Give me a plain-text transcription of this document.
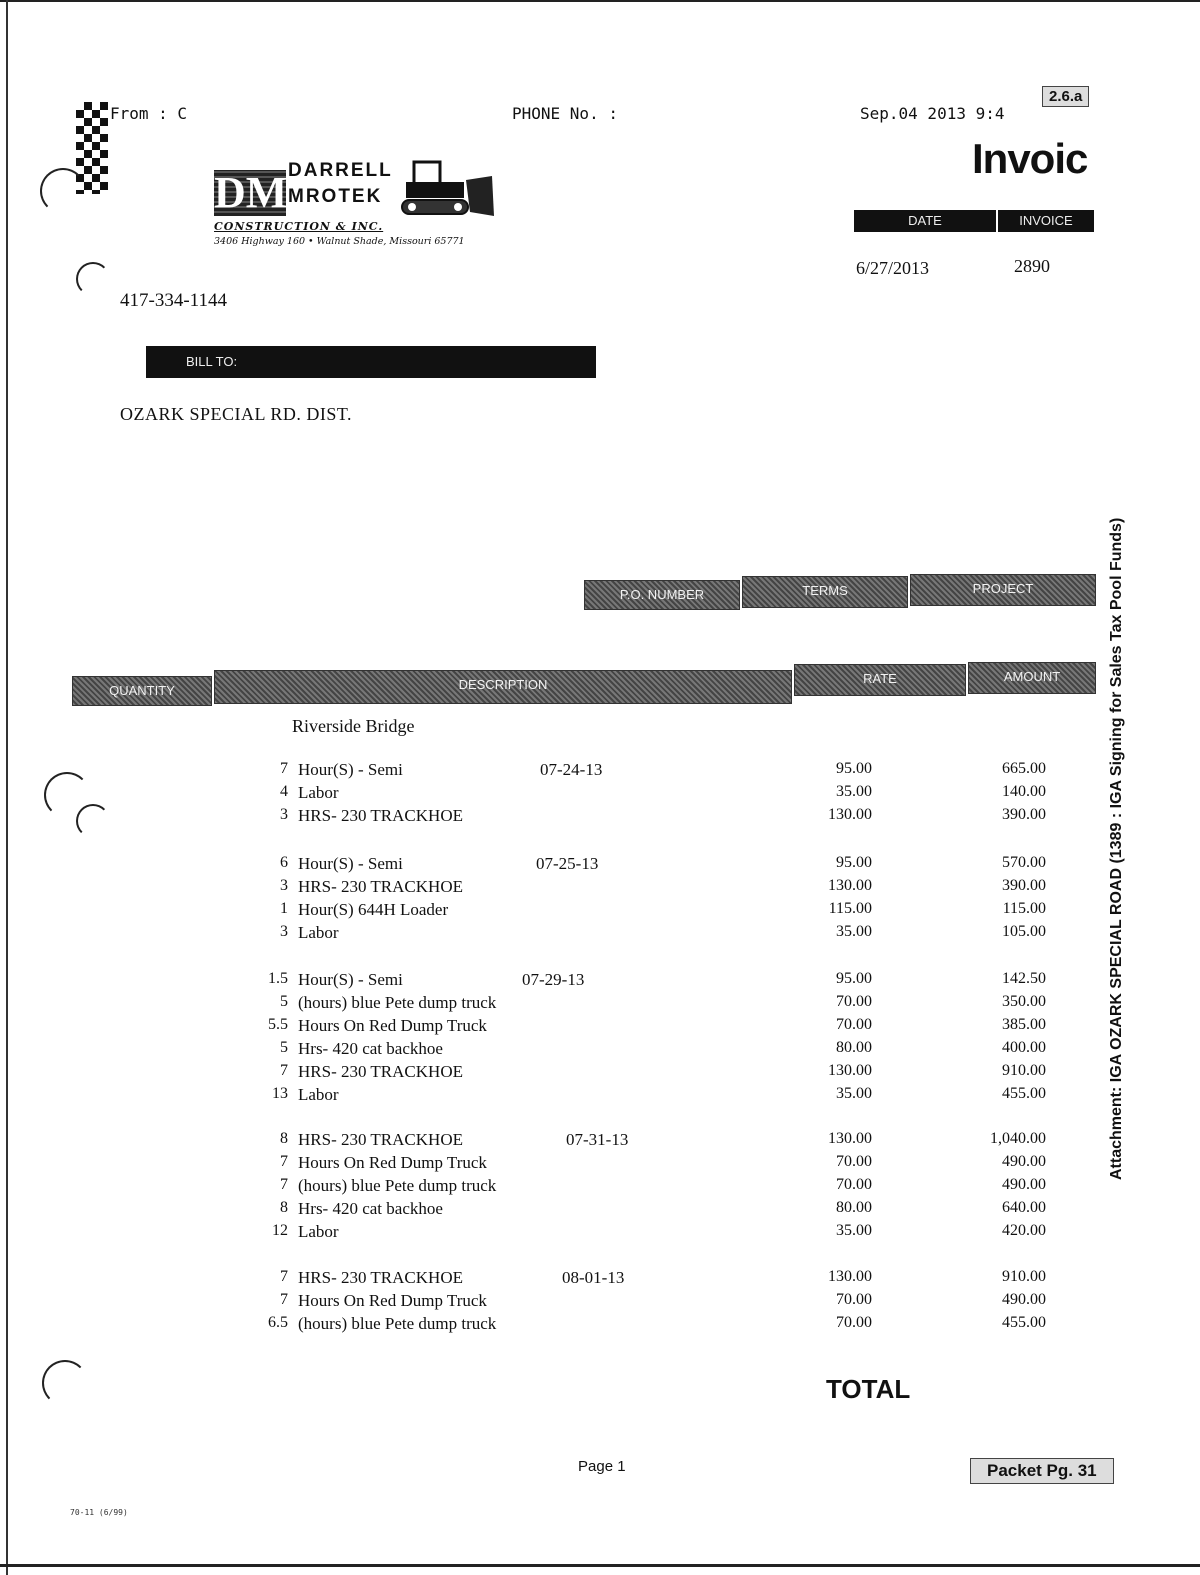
From : C	PHONE No. :	Sep.04 2013 9:4
2.6.a
DM DARRELL
MROTEK
CONSTRUCTION & INC.
3406 Highway 160 • Walnut Shade, Missouri 65771
417-334-1144
Invoic
DATE	INVOICE
6/27/2013	2890
BILL TO:
OZARK SPECIAL RD. DIST.
P.O. NUMBER	TERMS	PROJECT
QUANTITY	DESCRIPTION	RATE	AMOUNT
Riverside Bridge
07-24-13
7 Hour(S) - Semi	95.00	665.00
4 Labor	35.00	140.00
3 HRS- 230 TRACKHOE	130.00	390.00
07-25-13
6 Hour(S) - Semi	95.00	570.00
3 HRS- 230 TRACKHOE	130.00	390.00
1 Hour(S) 644H Loader	115.00	115.00
3 Labor	35.00	105.00
07-29-13
1.5 Hour(S) - Semi	95.00	142.50
5 (hours) blue Pete dump truck	70.00	350.00
5.5 Hours On Red Dump Truck	70.00	385.00
5 Hrs- 420 cat backhoe	80.00	400.00
7 HRS- 230 TRACKHOE	130.00	910.00
13 Labor	35.00	455.00
07-31-13
8 HRS- 230 TRACKHOE	130.00	1,040.00
7 Hours On Red Dump Truck	70.00	490.00
7 (hours) blue Pete dump truck	70.00	490.00
8 Hrs- 420 cat backhoe	80.00	640.00
12 Labor	35.00	420.00
08-01-13
7 HRS- 230 TRACKHOE	130.00	910.00
7 Hours On Red Dump Truck	70.00	490.00
6.5 (hours) blue Pete dump truck	70.00	455.00
TOTAL
Page 1	Packet Pg. 31
Attachment: IGA OZARK SPECIAL ROAD (1389 : IGA Signing for Sales Tax Pool Funds)
70-11 (6/99)
